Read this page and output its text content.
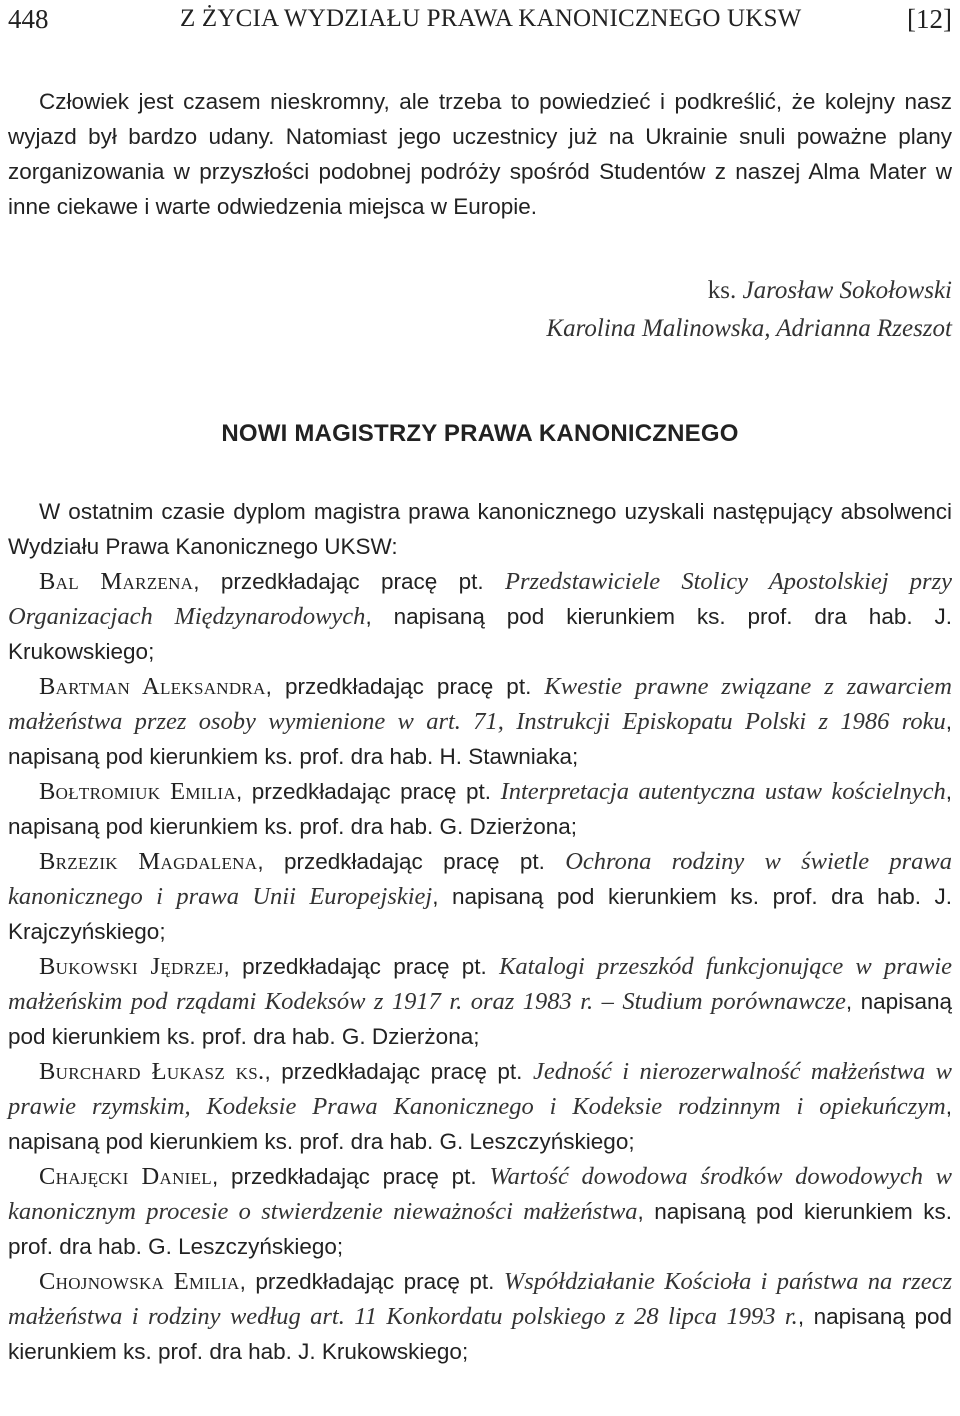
448	Z ŻYCIA WYDZIAŁU PRAWA KANONICZNEGO UKSW	[12]

Człowiek jest czasem nieskromny, ale trzeba to powiedzieć i podkreślić, że kolejny nasz wyjazd był bardzo udany. Natomiast jego uczestnicy już na Ukrainie snuli poważne plany zorganizowania w przyszłości podobnej podróży spośród Studentów z naszej Alma Mater w inne ciekawe i warte odwiedzenia miejsca w Europie.

ks. Jarosław Sokołowski
Karolina Malinowska, Adrianna Rzeszot
NOWI MAGISTRZY PRAWA KANONICZNEGO

W ostatnim czasie dyplom magistra prawa kanonicznego uzyskali następujący absolwenci Wydziału Prawa Kanonicznego UKSW:

Bal Marzena, przedkładając pracę pt. Przedstawiciele Stolicy Apostolskiej przy Organizacjach Międzynarodowych, napisaną pod kierunkiem ks. prof. dra hab. J. Krukowskiego;

Bartman Aleksandra, przedkładając pracę pt. Kwestie prawne związane z zawarciem małżeństwa przez osoby wymienione w art. 71, Instrukcji Episkopatu Polski z 1986 roku, napisaną pod kierunkiem ks. prof. dra hab. H. Stawniaka;

Bołtromiuk Emilia, przedkładając pracę pt. Interpretacja autentyczna ustaw kościelnych, napisaną pod kierunkiem ks. prof. dra hab. G. Dzierżona;

Brzezik Magdalena, przedkładając pracę pt. Ochrona rodziny w świetle prawa kanonicznego i prawa Unii Europejskiej, napisaną pod kierunkiem ks. prof. dra hab. J. Krajczyńskiego;

Bukowski Jędrzej, przedkładając pracę pt. Katalogi przeszkód funkcjonujące w prawie małżeńskim pod rządami Kodeksów z 1917 r. oraz 1983 r. – Studium porównawcze, napisaną pod kierunkiem ks. prof. dra hab. G. Dzierżona;

Burchard Łukasz ks., przedkładając pracę pt. Jedność i nierozerwalność małżeństwa w prawie rzymskim, Kodeksie Prawa Kanonicznego i Kodeksie rodzinnym i opiekuńczym, napisaną pod kierunkiem ks. prof. dra hab. G. Leszczyńskiego;

Chajęcki Daniel, przedkładając pracę pt. Wartość dowodowa środków dowodowych w kanonicznym procesie o stwierdzenie nieważności małżeństwa, napisaną pod kierunkiem ks. prof. dra hab. G. Leszczyńskiego;

Chojnowska Emilia, przedkładając pracę pt. Współdziałanie Kościoła i państwa na rzecz małżeństwa i rodziny według art. 11 Konkordatu polskiego z 28 lipca 1993 r., napisaną pod kierunkiem ks. prof. dra hab. J. Krukowskiego;
